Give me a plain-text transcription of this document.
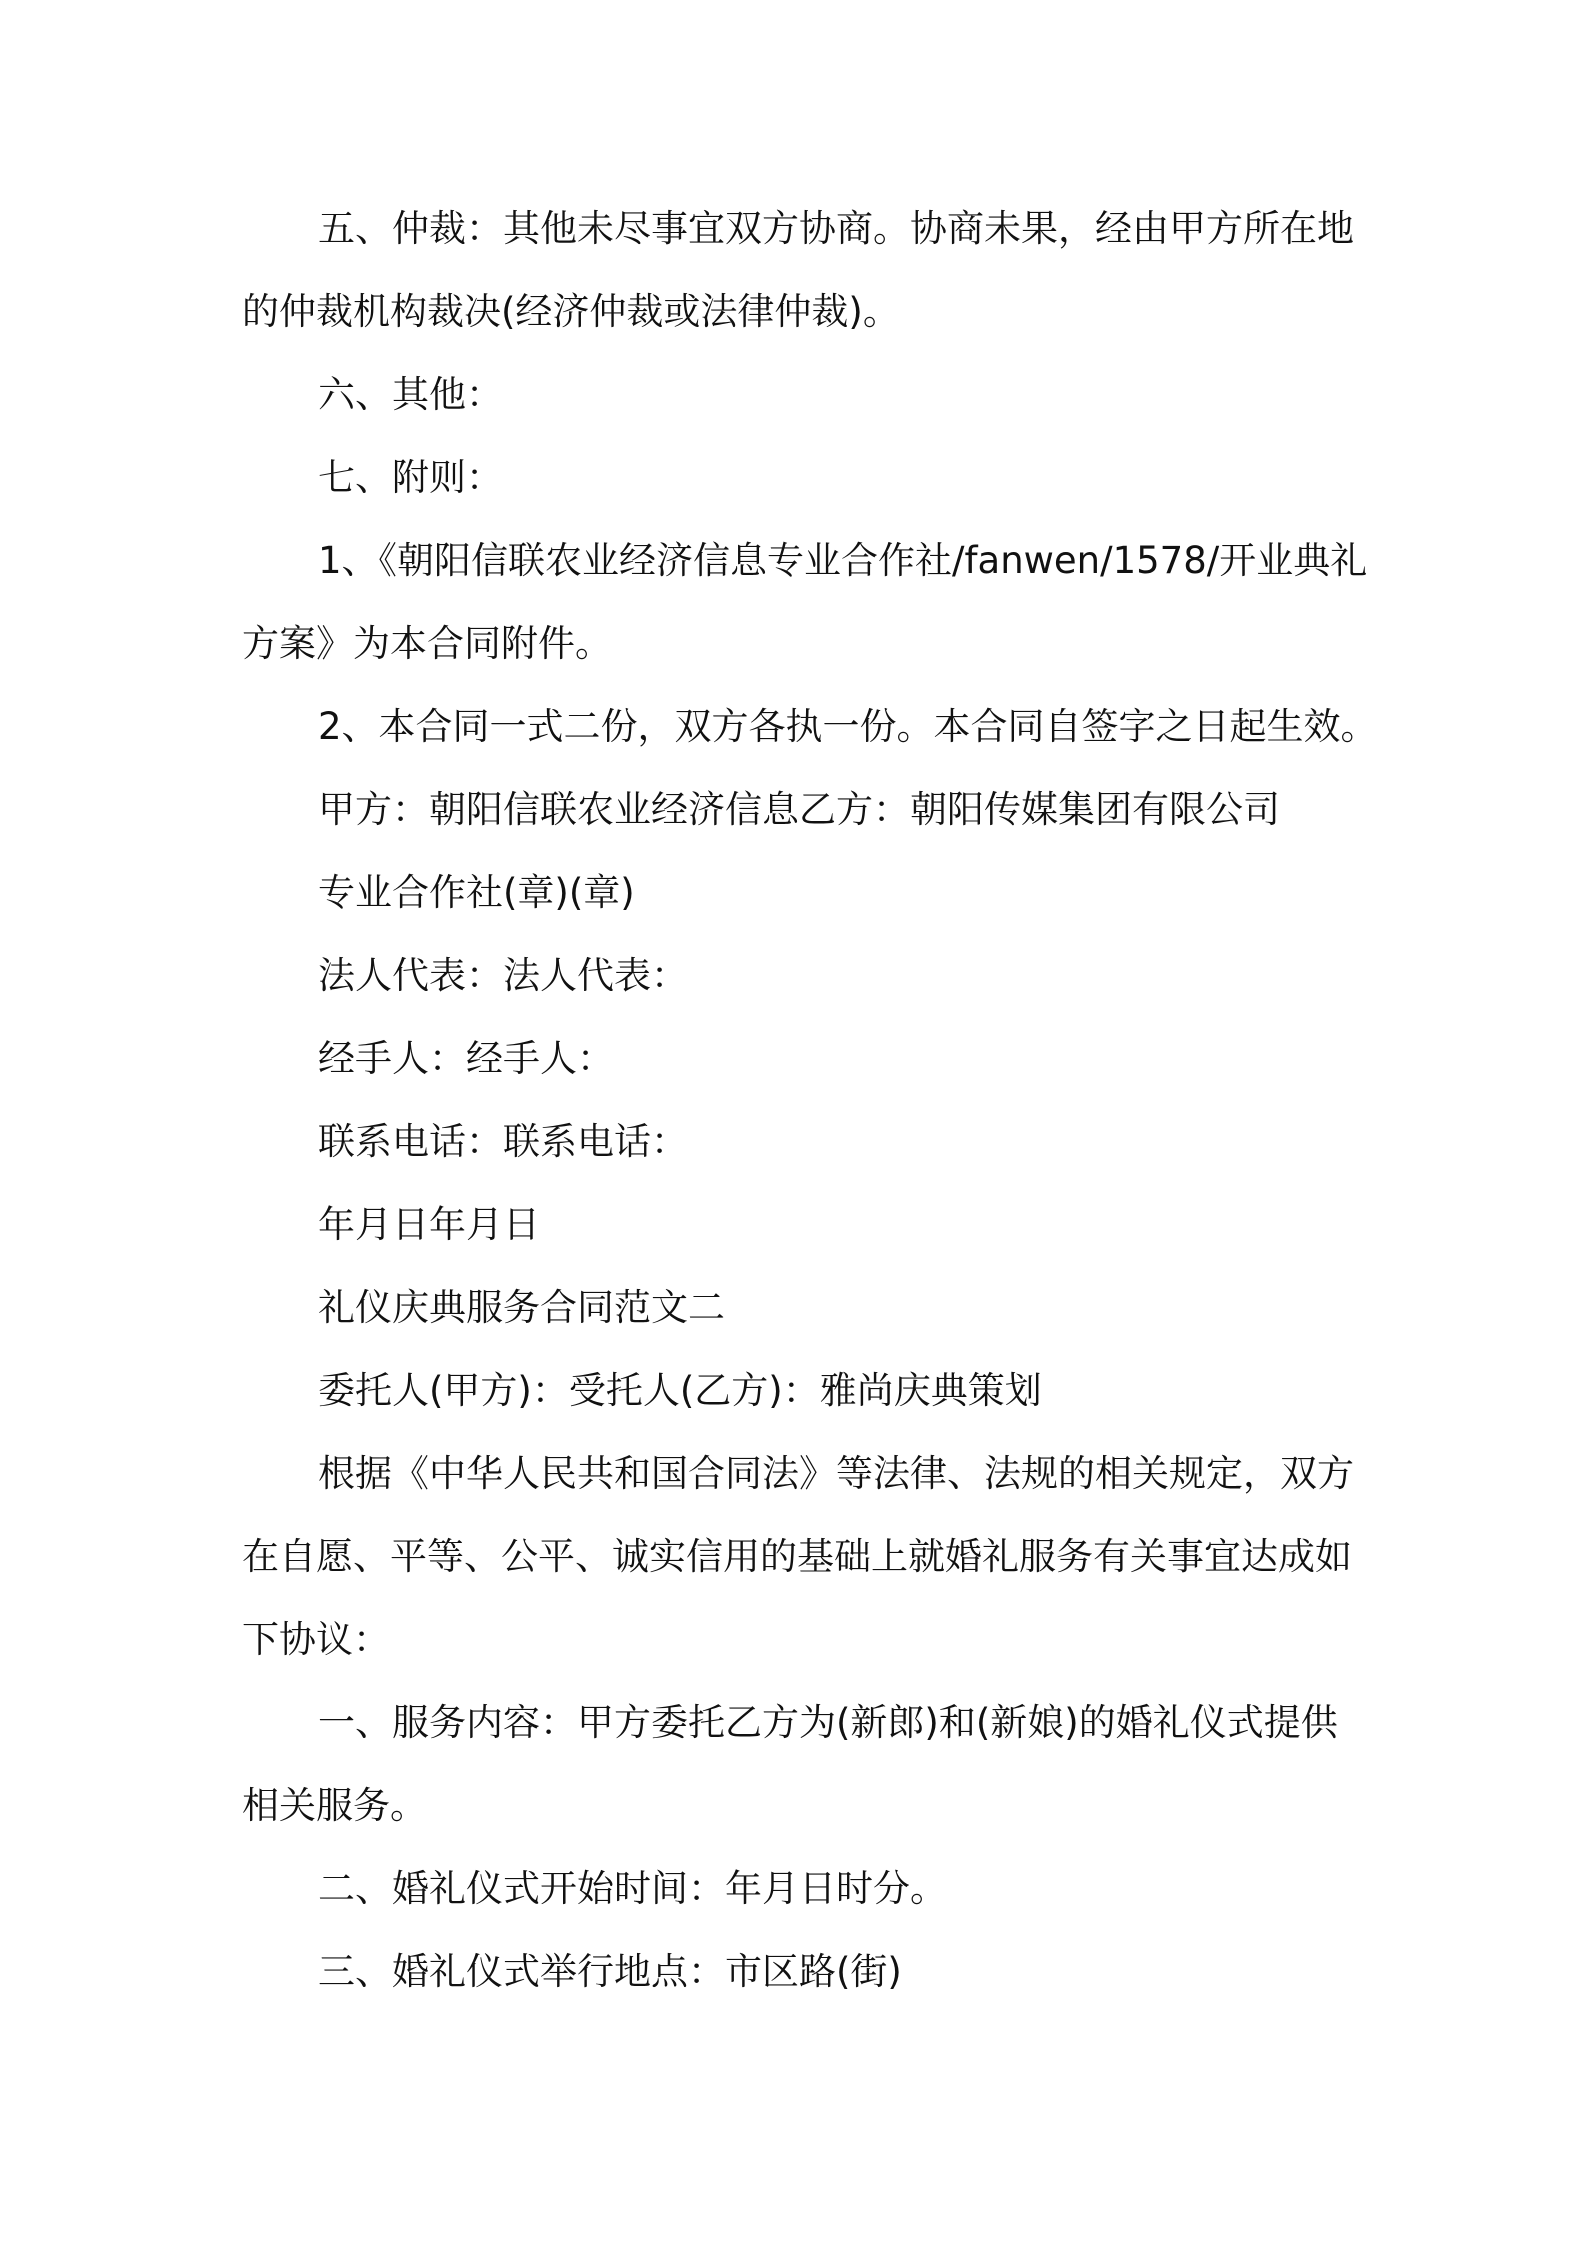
五、仲裁：其他未尽事宜双方协商。协商未果，经由甲方所在地
的仲裁机构裁决(经济仲裁或法律仲裁)。
六、其他：
七、附则：
1、《朝阳信联农业经济信息专业合作社/fanwen/1578/开业典礼
方案》为本合同附件。
2、本合同一式二份，双方各执一份。本合同自签字之日起生效。
甲方：朝阳信联农业经济信息乙方：朝阳传媒集团有限公司
专业合作社(章)(章)
法人代表：法人代表：
经手人：经手人：
联系电话：联系电话：
年月日年月日
礼仪庆典服务合同范文二
委托人(甲方)：受托人(乙方)：雅尚庆典策划
根据《中华人民共和国合同法》等法律、法规的相关规定，双方
在自愿、平等、公平、诚实信用的基础上就婚礼服务有关事宜达成如
下协议：
一、服务内容：甲方委托乙方为(新郎)和(新娘)的婚礼仪式提供
相关服务。
二、婚礼仪式开始时间：年月日时分。
三、婚礼仪式举行地点：市区路(街)
